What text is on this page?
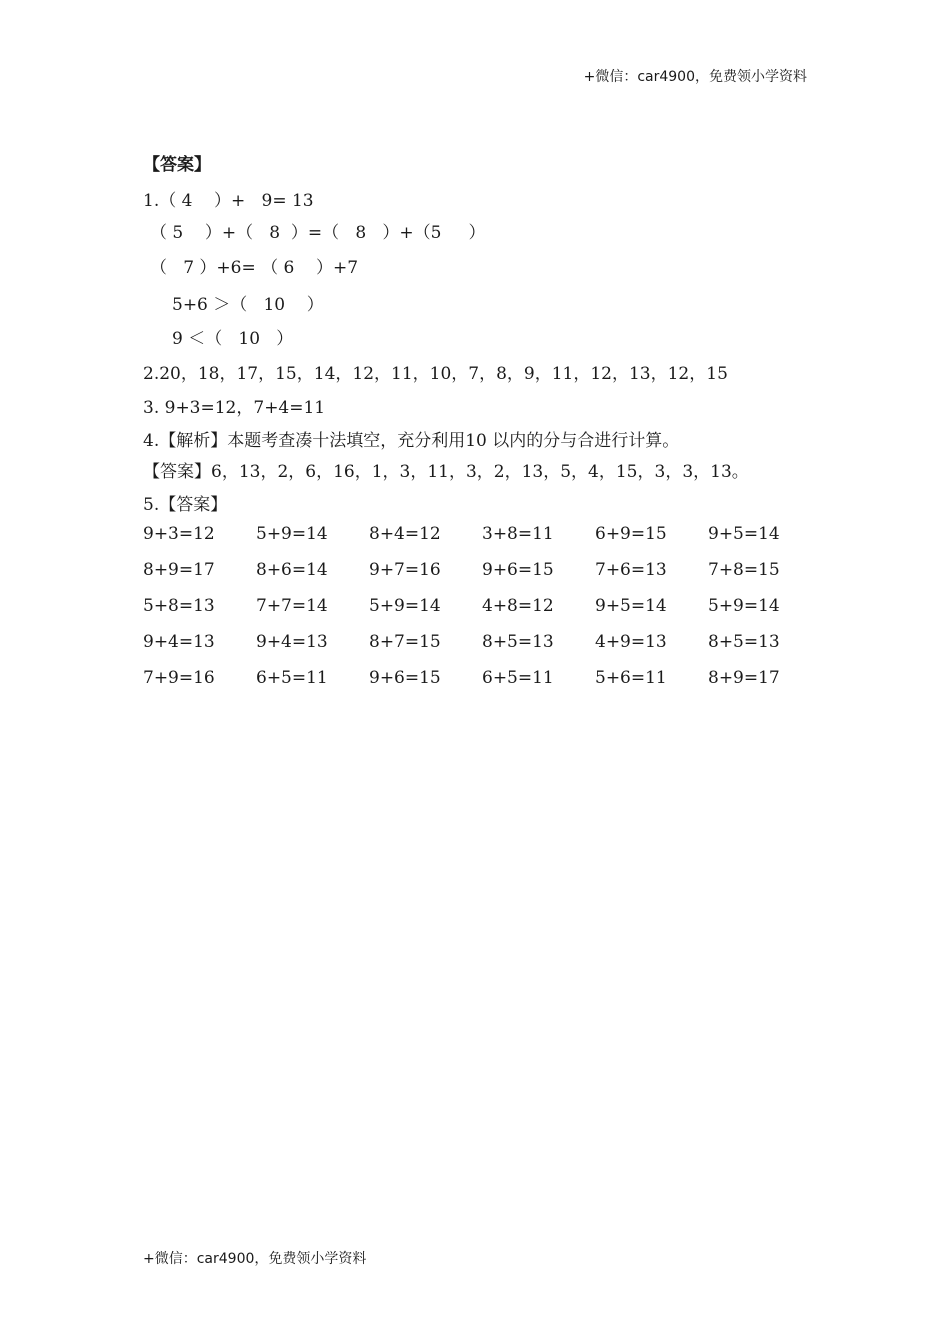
+微信：car4900，免费领小学资料
【答案】
1.（ 4    ）+   9= 13
（ 5    ）+（   8  ）=（   8   ）+（5     ）
（   7 ）+6= （ 6    ）+7
5+6 ＞（   10    ）
9 ＜（   10   ）
2.20，18，17，15，14，12，11，10，7，8，9，11，12，13，12，15
3. 9+3=12，7+4=11
4.【解析】本题考查凑十法填空，充分利用10 以内的分与合进行计算。
【答案】6，13，2，6，16，1，3，11，3，2，13，5，4，15，3，3，13。
5.【答案】
9+3=12	5+9=14	8+4=12	3+8=11	6+9=15	9+5=14
8+9=17	8+6=14	9+7=16	9+6=15	7+6=13	7+8=15
5+8=13	7+7=14	5+9=14	4+8=12	9+5=14	5+9=14
9+4=13	9+4=13	8+7=15	8+5=13	4+9=13	8+5=13
7+9=16	6+5=11	9+6=15	6+5=11	5+6=11	8+9=17
+微信：car4900，免费领小学资料
